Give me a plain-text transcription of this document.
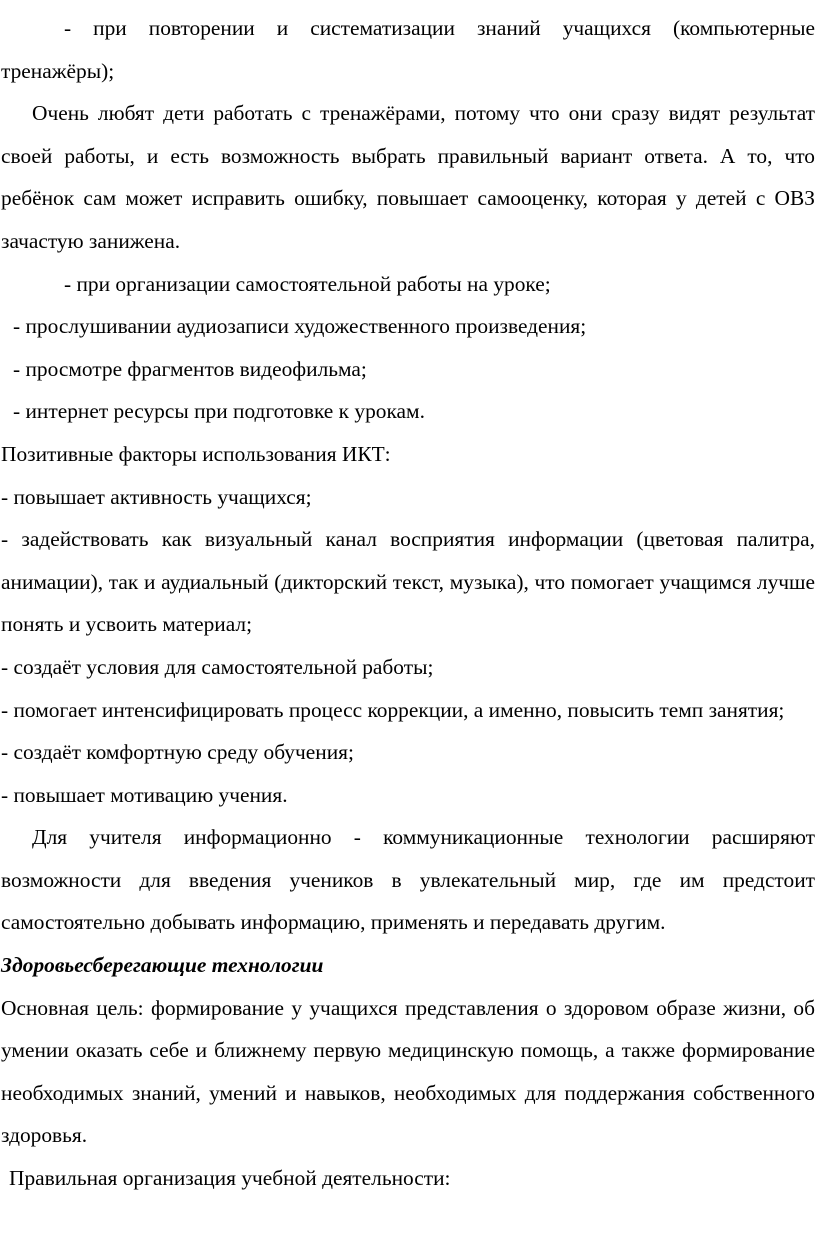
- при повторении и систематизации знаний учащихся (компьютерные тренажёры);

Очень любят дети работать с тренажёрами, потому что они сразу видят результат своей работы, и есть возможность выбрать правильный вариант ответа. А то, что ребёнок сам может исправить ошибку, повышает самооценку, которая у детей с ОВЗ зачастую занижена.

- при организации самостоятельной работы на уроке;

- прослушивании аудиозаписи художественного произведения;

- просмотре фрагментов видеофильма;

- интернет ресурсы при подготовке к урокам.

Позитивные факторы использования ИКТ:

- повышает активность учащихся;

- задействовать как визуальный канал восприятия информации (цветовая палитра, анимации), так и аудиальный (дикторский текст, музыка), что помогает учащимся лучше понять и усвоить материал;

- создаёт условия для самостоятельной работы;

- помогает интенсифицировать процесс коррекции, а именно, повысить темп занятия;

- создаёт комфортную среду обучения;

- повышает мотивацию учения.

Для учителя информационно - коммуникационные технологии расширяют возможности для введения учеников в увлекательный мир, где им предстоит самостоятельно добывать информацию, применять и передавать другим.

Здоровьесберегающие технологии

Основная цель: формирование у учащихся представления о здоровом образе жизни, об умении оказать себе и ближнему первую медицинскую помощь, а также формирование необходимых знаний, умений и навыков, необходимых для поддержания собственного здоровья.

Правильная организация учебной деятельности:
